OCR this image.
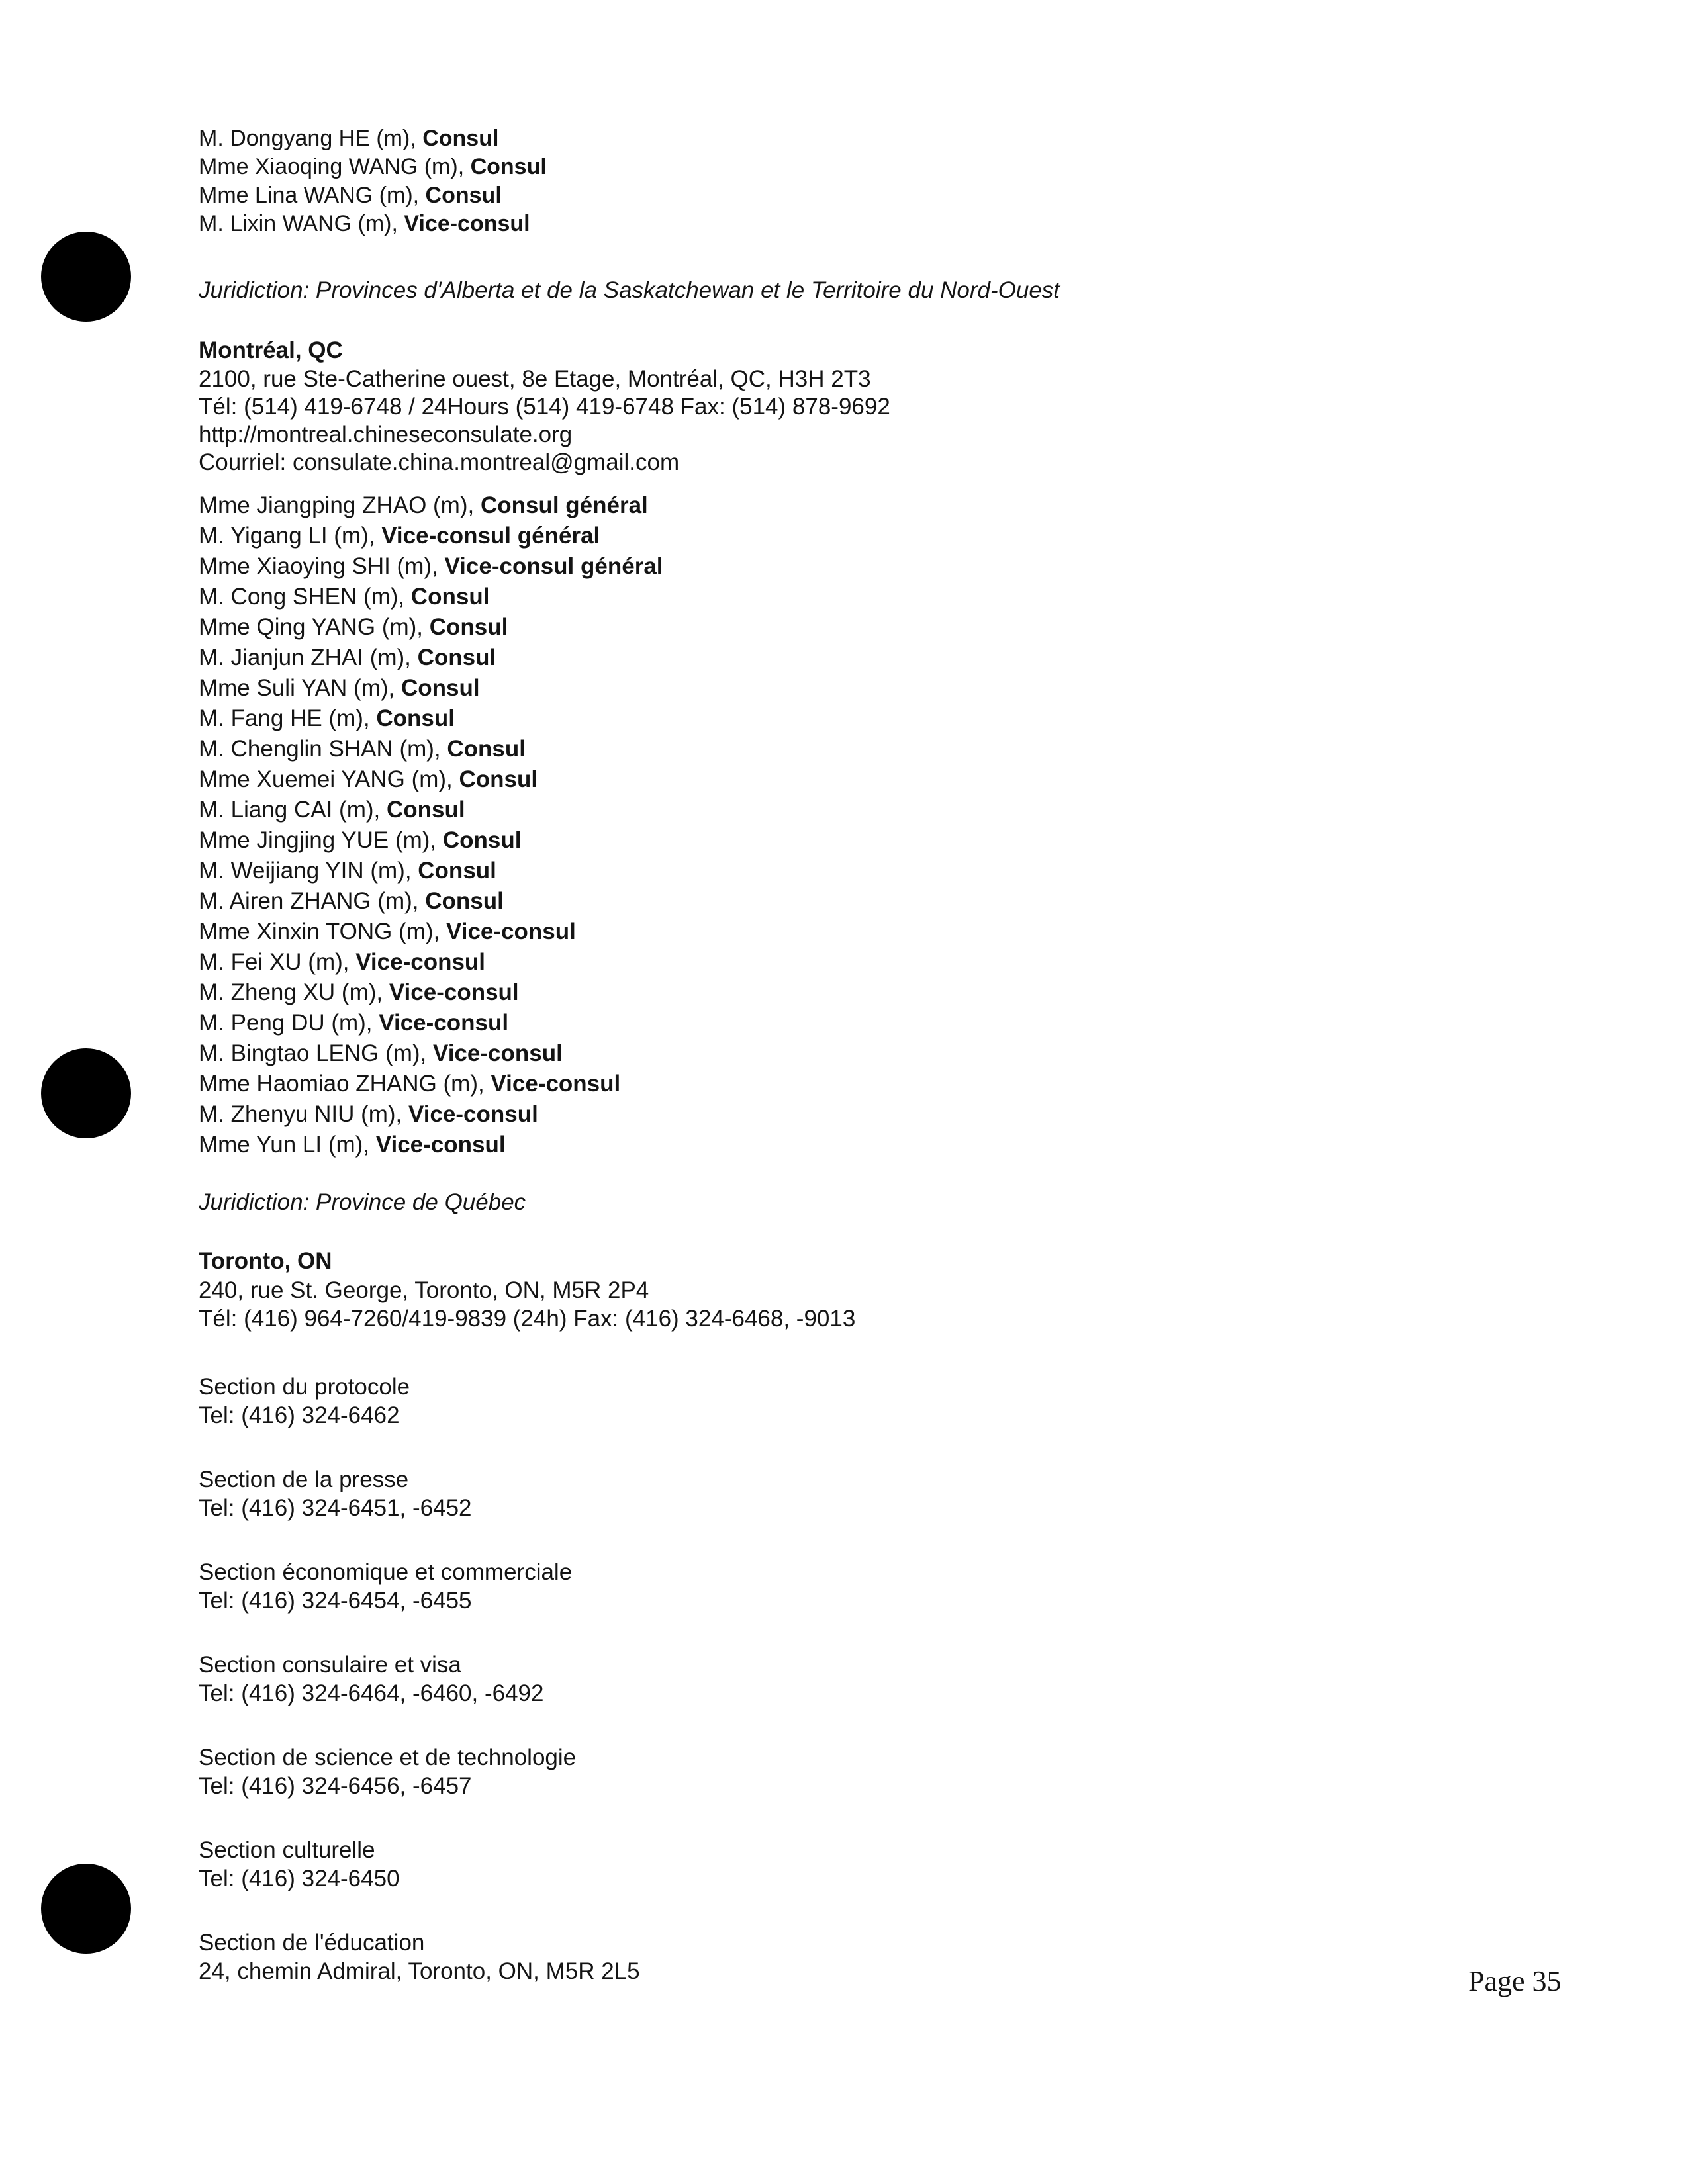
M. Dongyang HE (m), Consul
Mme Xiaoqing WANG (m), Consul
Mme Lina WANG (m), Consul
M. Lixin WANG (m), Vice-consul
Juridiction: Provinces d'Alberta et de la Saskatchewan et le Territoire du Nord-Ouest
Montréal, QC
2100, rue Ste-Catherine ouest, 8e Etage, Montréal, QC, H3H 2T3
Tél: (514) 419-6748 / 24Hours (514) 419-6748 Fax: (514) 878-9692
http://montreal.chineseconsulate.org
Courriel: consulate.china.montreal@gmail.com
Mme Jiangping ZHAO (m), Consul général
M. Yigang LI (m), Vice-consul général
Mme Xiaoying SHI (m), Vice-consul général
M. Cong SHEN (m), Consul
Mme Qing YANG (m), Consul
M. Jianjun ZHAI (m), Consul
Mme Suli YAN (m), Consul
M. Fang HE (m), Consul
M. Chenglin SHAN (m), Consul
Mme Xuemei YANG (m), Consul
M. Liang CAI (m), Consul
Mme Jingjing YUE (m), Consul
M. Weijiang YIN (m), Consul
M. Airen ZHANG (m), Consul
Mme Xinxin TONG (m), Vice-consul
M. Fei XU (m), Vice-consul
M. Zheng XU (m), Vice-consul
M. Peng DU (m), Vice-consul
M. Bingtao LENG (m), Vice-consul
Mme Haomiao ZHANG (m), Vice-consul
M. Zhenyu NIU (m), Vice-consul
Mme Yun LI (m), Vice-consul
Juridiction: Province de Québec
Toronto, ON
240, rue St. George, Toronto, ON, M5R 2P4
Tél: (416) 964-7260/419-9839 (24h) Fax: (416) 324-6468, -9013
Section du protocole
Tel: (416) 324-6462
Section de la presse
Tel: (416) 324-6451, -6452
Section économique et commerciale
Tel: (416) 324-6454, -6455
Section consulaire et visa
Tel: (416) 324-6464, -6460, -6492
Section de science et de technologie
Tel: (416) 324-6456, -6457
Section culturelle
Tel: (416) 324-6450
Section de l'éducation
24, chemin Admiral, Toronto, ON, M5R 2L5	Page 35
